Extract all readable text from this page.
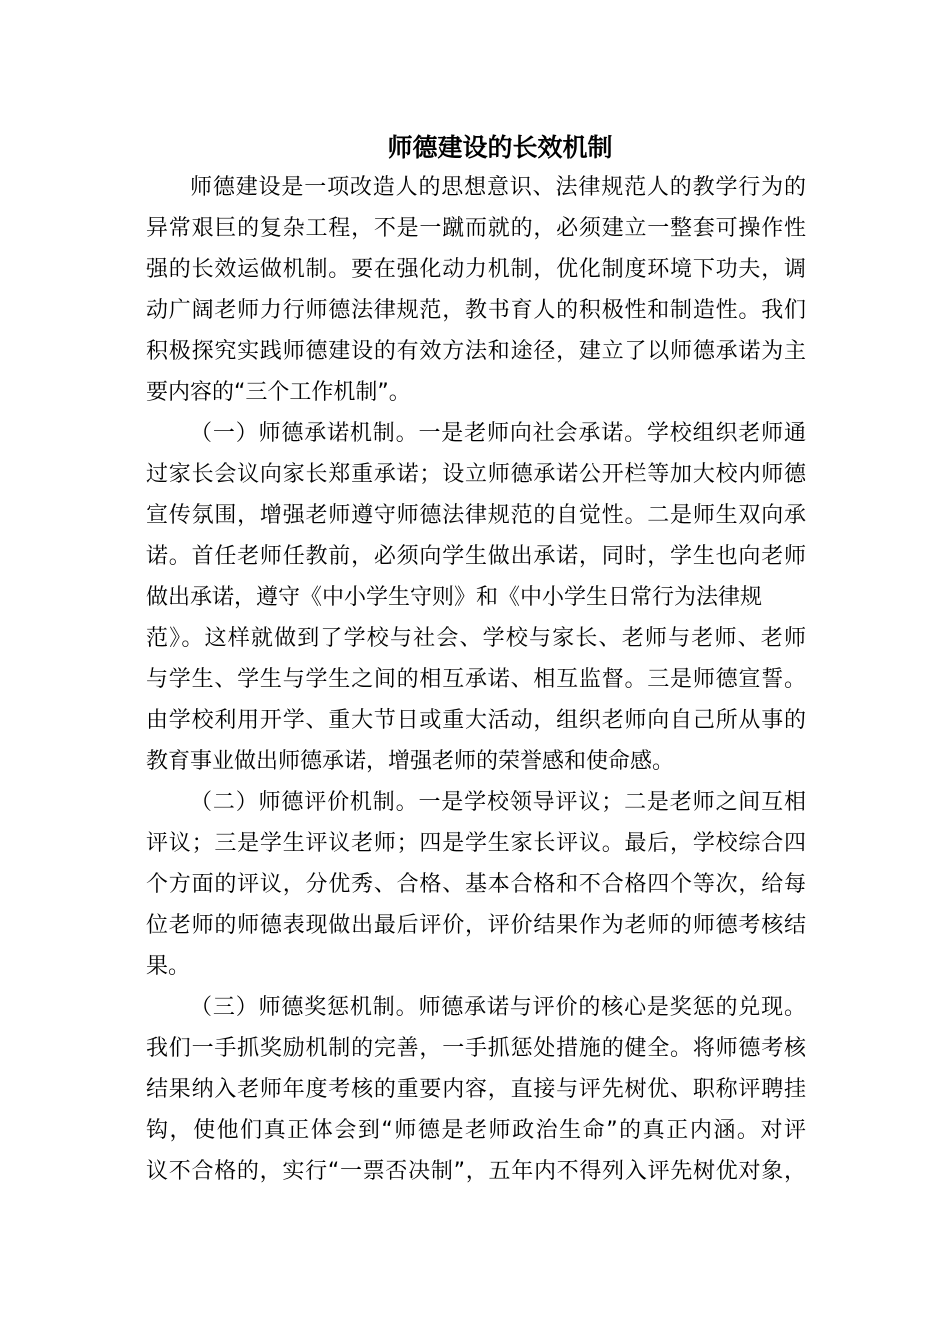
师德建设的长效机制
师德建设是一项改造人的思想意识、法律规范人的教学行为的
异常艰巨的复杂工程，不是一蹴而就的，必须建立一整套可操作性
强的长效运做机制。要在强化动力机制，优化制度环境下功夫，调
动广阔老师力行师德法律规范，教书育人的积极性和制造性。我们
积极探究实践师德建设的有效方法和途径，建立了以师德承诺为主
要内容的“三个工作机制”。
（一）师德承诺机制。一是老师向社会承诺。学校组织老师通
过家长会议向家长郑重承诺；设立师德承诺公开栏等加大校内师德
宣传氛围，增强老师遵守师德法律规范的自觉性。二是师生双向承
诺。首任老师任教前，必须向学生做出承诺，同时，学生也向老师
做出承诺，遵守《中小学生守则》和《中小学生日常行为法律规
范》。这样就做到了学校与社会、学校与家长、老师与老师、老师
与学生、学生与学生之间的相互承诺、相互监督。三是师德宣誓。
由学校利用开学、重大节日或重大活动，组织老师向自己所从事的
教育事业做出师德承诺，增强老师的荣誉感和使命感。
（二）师德评价机制。一是学校领导评议；二是老师之间互相
评议；三是学生评议老师；四是学生家长评议。最后，学校综合四
个方面的评议，分优秀、合格、基本合格和不合格四个等次，给每
位老师的师德表现做出最后评价，评价结果作为老师的师德考核结
果。
（三）师德奖惩机制。师德承诺与评价的核心是奖惩的兑现。
我们一手抓奖励机制的完善，一手抓惩处措施的健全。将师德考核
结果纳入老师年度考核的重要内容，直接与评先树优、职称评聘挂
钩，使他们真正体会到“师德是老师政治生命”的真正内涵。对评
议不合格的，实行“一票否决制”，五年内不得列入评先树优对象，
